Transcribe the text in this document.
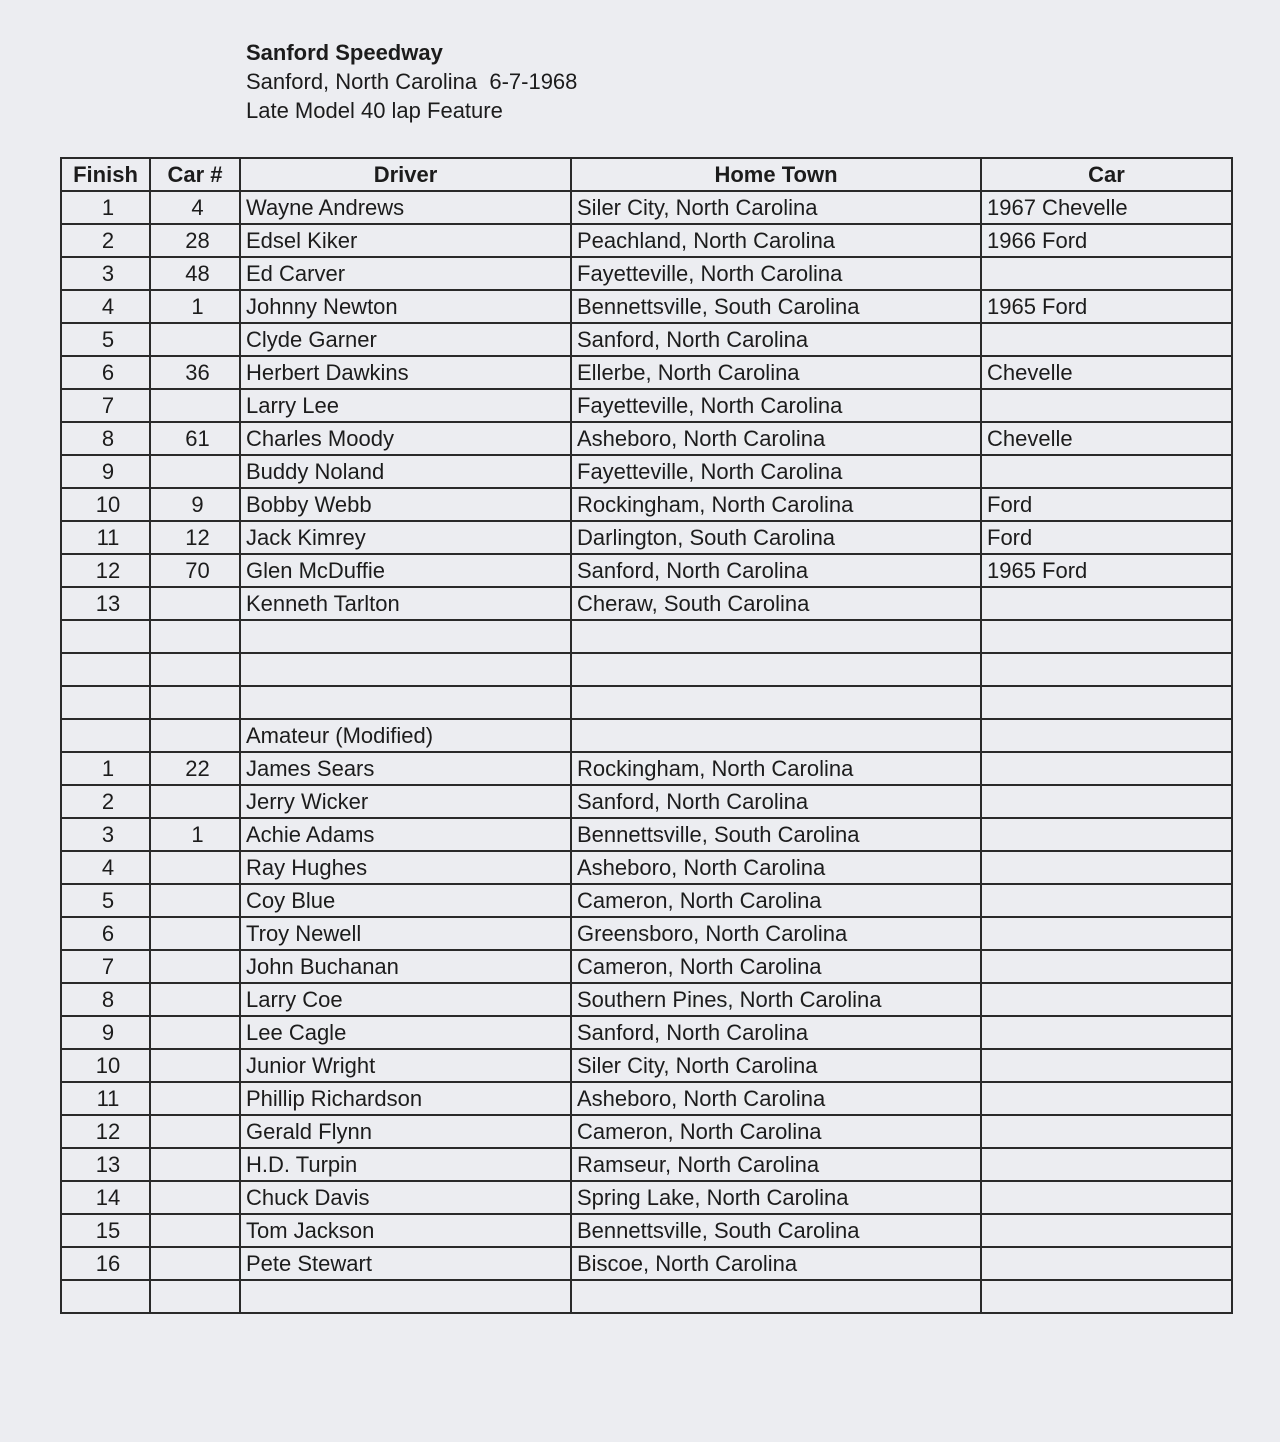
Sanford Speedway
Sanford, North Carolina  6-7-1968
Late Model 40 lap Feature
Finish	Car #	Driver	Home Town	Car
1	4	Wayne Andrews	Siler City, North Carolina	1967 Chevelle
2	28	Edsel Kiker	Peachland, North Carolina	1966 Ford
3	48	Ed Carver	Fayetteville, North Carolina	
4	1	Johnny Newton	Bennettsville, South Carolina	1965 Ford
5		Clyde Garner	Sanford, North Carolina	
6	36	Herbert Dawkins	Ellerbe, North Carolina	Chevelle
7		Larry Lee	Fayetteville, North Carolina	
8	61	Charles Moody	Asheboro, North Carolina	Chevelle
9		Buddy Noland	Fayetteville, North Carolina	
10	9	Bobby Webb	Rockingham, North Carolina	Ford
11	12	Jack Kimrey	Darlington, South Carolina	Ford
12	70	Glen McDuffie	Sanford, North Carolina	1965 Ford
13		Kenneth Tarlton	Cheraw, South Carolina	

		Amateur (Modified)		
1	22	James Sears	Rockingham, North Carolina	
2		Jerry Wicker	Sanford, North Carolina	
3	1	Achie Adams	Bennettsville, South Carolina	
4		Ray Hughes	Asheboro, North Carolina	
5		Coy Blue	Cameron, North Carolina	
6		Troy Newell	Greensboro, North Carolina	
7		John Buchanan	Cameron, North Carolina	
8		Larry Coe	Southern Pines, North Carolina	
9		Lee Cagle	Sanford, North Carolina	
10		Junior Wright	Siler City, North Carolina	
11		Phillip Richardson	Asheboro, North Carolina	
12		Gerald Flynn	Cameron, North Carolina	
13		H.D. Turpin	Ramseur, North Carolina	
14		Chuck Davis	Spring Lake, North Carolina	
15		Tom Jackson	Bennettsville, South Carolina	
16		Pete Stewart	Biscoe, North Carolina	
